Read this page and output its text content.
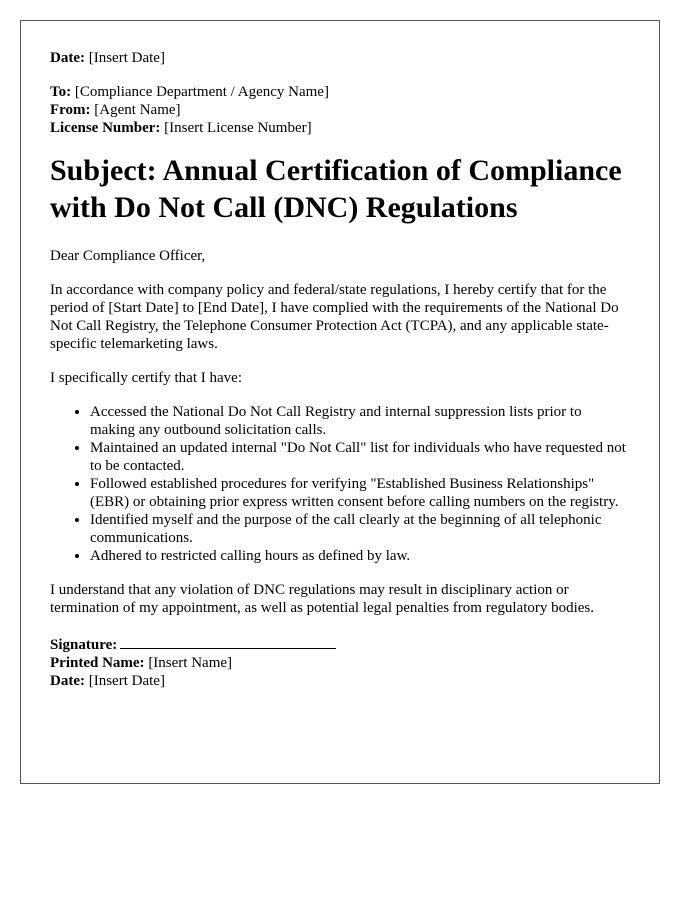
Date: [Insert Date]

To: [Compliance Department / Agency Name]

From: [Agent Name]

License Number: [Insert License Number]

Subject: Annual Certification of Compliance with Do Not Call (DNC) Regulations

Dear Compliance Officer,

In accordance with company policy and federal/state regulations, I hereby certify that for the period of [Start Date] to [End Date], I have complied with the requirements of the National Do Not Call Registry, the Telephone Consumer Protection Act (TCPA), and any applicable state-specific telemarketing laws.

I specifically certify that I have:

• Accessed the National Do Not Call Registry and internal suppression lists prior to making any outbound solicitation calls.
• Maintained an updated internal "Do Not Call" list for individuals who have requested not to be contacted.
• Followed established procedures for verifying "Established Business Relationships" (EBR) or obtaining prior express written consent before calling numbers on the registry.
• Identified myself and the purpose of the call clearly at the beginning of all telephonic communications.
• Adhered to restricted calling hours as defined by law.

I understand that any violation of DNC regulations may result in disciplinary action or termination of my appointment, as well as potential legal penalties from regulatory bodies.

Signature:

Printed Name: [Insert Name]

Date: [Insert Date]
